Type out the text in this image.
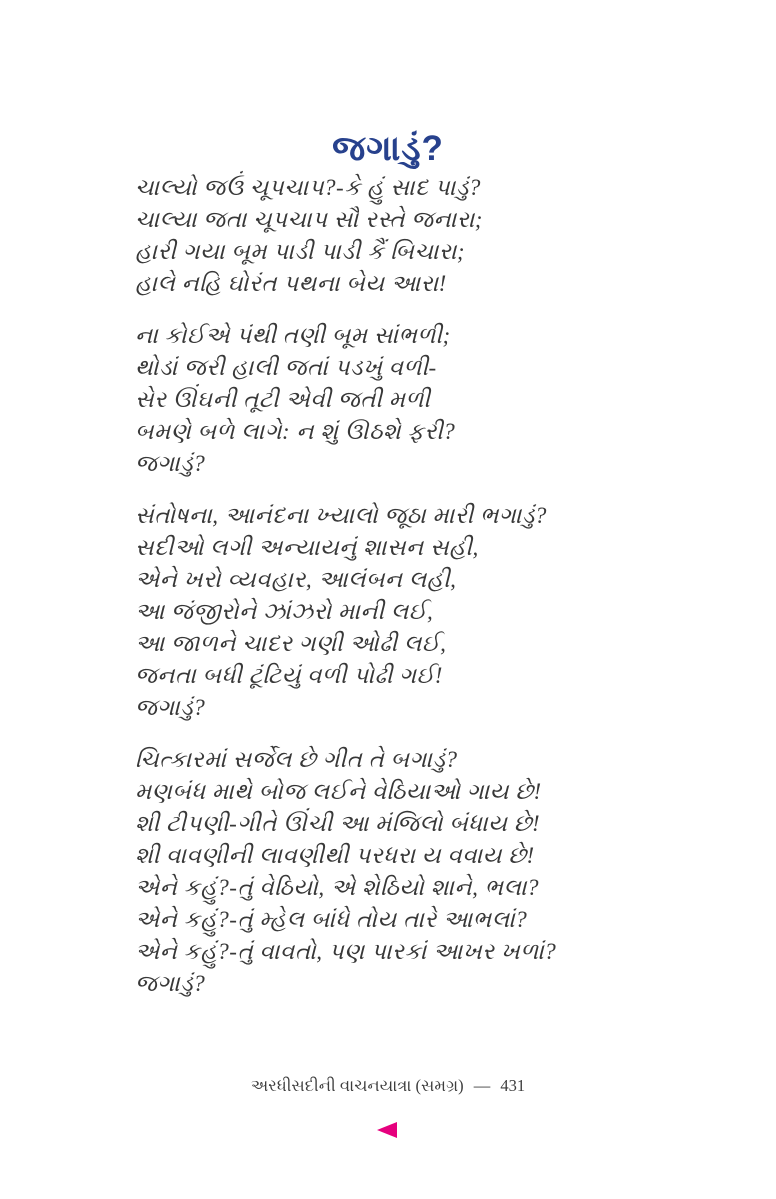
જગાડું?

ચાલ્યો જઉં ચૂપચાપ?-કે હું સાદ પાડું?

ચાલ્યા જતા ચૂપચાપ સૌ રસ્તે જનારા;

હારી ગયા બૂમ પાડી પાડી કૈં બિચારા;

હાલે નહિ ઘોરંત પથના બેય આરા!

ના કોઈએ પંથી તણી બૂમ સાંભળી;

થોડાં જરી હાલી જતાં પડખું વળી-

સેર ઊંઘની તૂટી એવી જતી મળી

બમણે બળે લાગે: ન શું ઊઠશે ફરી?

જગાડું?

સંતોષના, આનંદના ખ્યાલો જૂઠા મારી ભગાડું?

સદીઓ લગી અન્યાયનું શાસન સહી,

એને ખરો વ્યવહાર, આલંબન લહી,

આ જંજીરોને ઝાંઝરો માની લઈ,

આ જાળને ચાદર ગણી ઓઢી લઈ,

જનતા બધી ટૂંટિયું વળી પોઢી ગઈ!

જગાડું?

ચિત્કારમાં સર્જેલ છે ગીત તે બગાડું?

મણબંધ માથે બોજ લઈને વેઠિયાઓ ગાય છે!

શી ટીપણી-ગીતે ઊંચી આ મંજિલો બંધાય છે!

શી વાવણીની લાવણીથી પરધરા ય વવાય છે!

એને કહું?-તું વેઠિયો, એ શેઠિયો શાને, ભલા?

એને કહું?-તું મ્હેલ બાંધે તોય તારે આભલાં?

એને કહું?-તું વાવતો, પણ પારકાં આખર ખળાં?

જગાડું?

અરધીસદીની વાચનયાત્રા (સમગ્ર) — 431
